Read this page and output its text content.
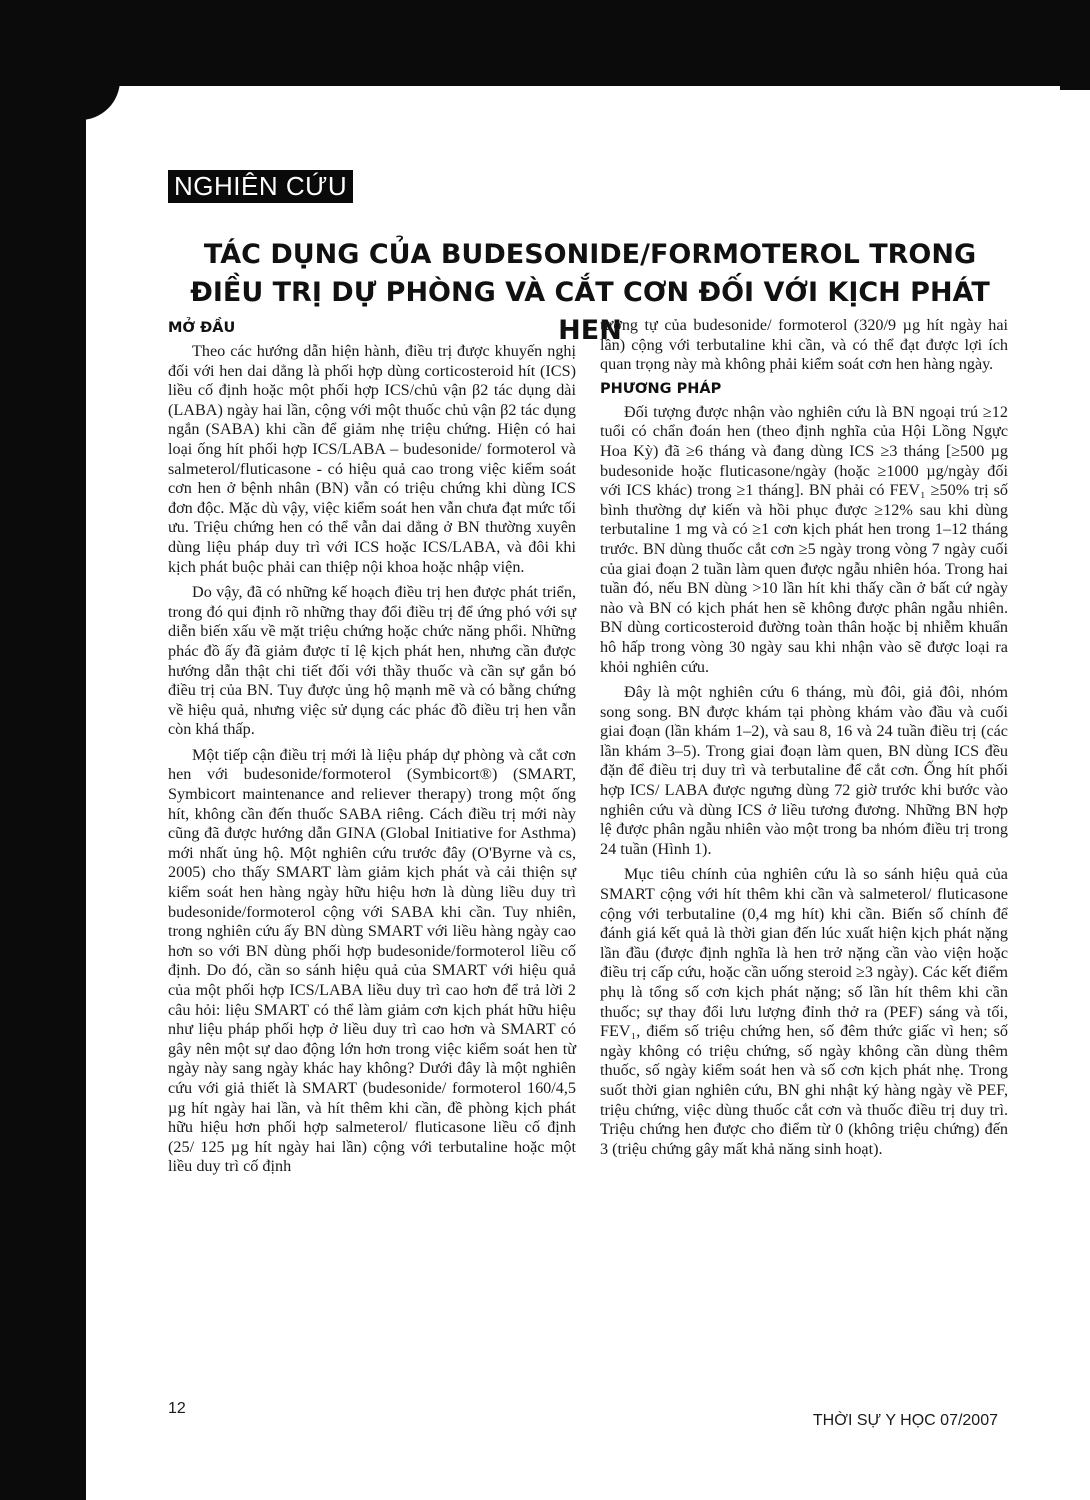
NGHIÊN CỨU
TÁC DỤNG CỦA BUDESONIDE/FORMOTEROL TRONG ĐIỀU TRỊ DỰ PHÒNG VÀ CẮT CƠN ĐỐI VỚI KỊCH PHÁT HEN
MỞ ĐẦU

Theo các hướng dẫn hiện hành, điều trị được khuyến nghị đối với hen dai dẳng là phối hợp dùng corticosteroid hít (ICS) liều cố định hoặc một phối hợp ICS/chủ vận β2 tác dụng dài (LABA) ngày hai lần, cộng với một thuốc chủ vận β2 tác dụng ngắn (SABA) khi cần để giảm nhẹ triệu chứng. Hiện có hai loại ống hít phối hợp ICS/LABA – budesonide/ formoterol và salmeterol/fluticasone - có hiệu quả cao trong việc kiểm soát cơn hen ở bệnh nhân (BN) vẫn có triệu chứng khi dùng ICS đơn độc. Mặc dù vậy, việc kiểm soát hen vẫn chưa đạt mức tối ưu. Triệu chứng hen có thể vẫn dai dẳng ở BN thường xuyên dùng liệu pháp duy trì với ICS hoặc ICS/LABA, và đôi khi kịch phát buộc phải can thiệp nội khoa hoặc nhập viện.

Do vậy, đã có những kế hoạch điều trị hen được phát triển, trong đó qui định rõ những thay đổi điều trị để ứng phó với sự diễn biến xấu về mặt triệu chứng hoặc chức năng phổi. Những phác đồ ấy đã giảm được tỉ lệ kịch phát hen, nhưng cần được hướng dẫn thật chi tiết đối với thầy thuốc và cần sự gắn bó điều trị của BN. Tuy được ủng hộ mạnh mẽ và có bằng chứng về hiệu quả, nhưng việc sử dụng các phác đồ điều trị hen vẫn còn khá thấp.

Một tiếp cận điều trị mới là liệu pháp dự phòng và cắt cơn hen với budesonide/formoterol (Symbicort®) (SMART, Symbicort maintenance and reliever therapy) trong một ống hít, không cần đến thuốc SABA riêng. Cách điều trị mới này cũng đã được hướng dẫn GINA (Global Initiative for Asthma) mới nhất ủng hộ. Một nghiên cứu trước đây (O'Byrne và cs, 2005) cho thấy SMART làm giảm kịch phát và cải thiện sự kiểm soát hen hàng ngày hữu hiệu hơn là dùng liều duy trì budesonide/formoterol cộng với SABA khi cần. Tuy nhiên, trong nghiên cứu ấy BN dùng SMART với liều hàng ngày cao hơn so với BN dùng phối hợp budesonide/formoterol liều cố định. Do đó, cần so sánh hiệu quả của SMART với hiệu quả của một phối hợp ICS/LABA liều duy trì cao hơn để trả lời 2 câu hỏi: liệu SMART có thể làm giảm cơn kịch phát hữu hiệu như liệu pháp phối hợp ở liều duy trì cao hơn và SMART có gây nên một sự dao động lớn hơn trong việc kiểm soát hen từ ngày này sang ngày khác hay không? Dưới đây là một nghiên cứu với giả thiết là SMART (budesonide/ formoterol 160/4,5 µg hít ngày hai lần, và hít thêm khi cần, đề phòng kịch phát hữu hiệu hơn phối hợp salmeterol/ fluticasone liều cố định (25/ 125 µg hít ngày hai lần) cộng với terbutaline hoặc một liều duy trì cố định

tương tự của budesonide/ formoterol (320/9 µg hít ngày hai lần) cộng với terbutaline khi cần, và có thể đạt được lợi ích quan trọng này mà không phải kiểm soát cơn hen hàng ngày.

PHƯƠNG PHÁP

Đối tượng được nhận vào nghiên cứu là BN ngoại trú ≥12 tuổi có chẩn đoán hen (theo định nghĩa của Hội Lồng Ngực Hoa Kỳ) đã ≥6 tháng và đang dùng ICS ≥3 tháng [≥500 µg budesonide hoặc fluticasone/ngày (hoặc ≥1000 µg/ngày đối với ICS khác) trong ≥1 tháng]. BN phải có FEV₁ ≥50% trị số bình thường dự kiến và hồi phục được ≥12% sau khi dùng terbutaline 1 mg và có ≥1 cơn kịch phát hen trong 1–12 tháng trước. BN dùng thuốc cắt cơn ≥5 ngày trong vòng 7 ngày cuối của giai đoạn 2 tuần làm quen được ngẫu nhiên hóa. Trong hai tuần đó, nếu BN dùng >10 lần hít khi thấy cần ở bất cứ ngày nào và BN có kịch phát hen sẽ không được phân ngẫu nhiên. BN dùng corticosteroid đường toàn thân hoặc bị nhiễm khuẩn hô hấp trong vòng 30 ngày sau khi nhận vào sẽ được loại ra khỏi nghiên cứu.

Đây là một nghiên cứu 6 tháng, mù đôi, giả đôi, nhóm song song. BN được khám tại phòng khám vào đầu và cuối giai đoạn (lần khám 1–2), và sau 8, 16 và 24 tuần điều trị (các lần khám 3–5). Trong giai đoạn làm quen, BN dùng ICS đều đặn để điều trị duy trì và terbutaline để cắt cơn. Ống hít phối hợp ICS/ LABA được ngưng dùng 72 giờ trước khi bước vào nghiên cứu và dùng ICS ở liều tương đương. Những BN hợp lệ được phân ngẫu nhiên vào một trong ba nhóm điều trị trong 24 tuần (Hình 1).

Mục tiêu chính của nghiên cứu là so sánh hiệu quả của SMART cộng với hít thêm khi cần và salmeterol/ fluticasone cộng với terbutaline (0,4 mg hít) khi cần. Biến số chính để đánh giá kết quả là thời gian đến lúc xuất hiện kịch phát nặng lần đầu (được định nghĩa là hen trở nặng cần vào viện hoặc điều trị cấp cứu, hoặc cần uống steroid ≥3 ngày). Các kết điểm phụ là tổng số cơn kịch phát nặng; số lần hít thêm khi cần thuốc; sự thay đổi lưu lượng đỉnh thở ra (PEF) sáng và tối, FEV₁, điểm số triệu chứng hen, số đêm thức giấc vì hen; số ngày không có triệu chứng, số ngày không cần dùng thêm thuốc, số ngày kiểm soát hen và số cơn kịch phát nhẹ. Trong suốt thời gian nghiên cứu, BN ghi nhật ký hàng ngày về PEF, triệu chứng, việc dùng thuốc cắt cơn và thuốc điều trị duy trì. Triệu chứng hen được cho điểm từ 0 (không triệu chứng) đến 3 (triệu chứng gây mất khả năng sinh hoạt).

12
THỜI SỰ Y HỌC 07/2007
